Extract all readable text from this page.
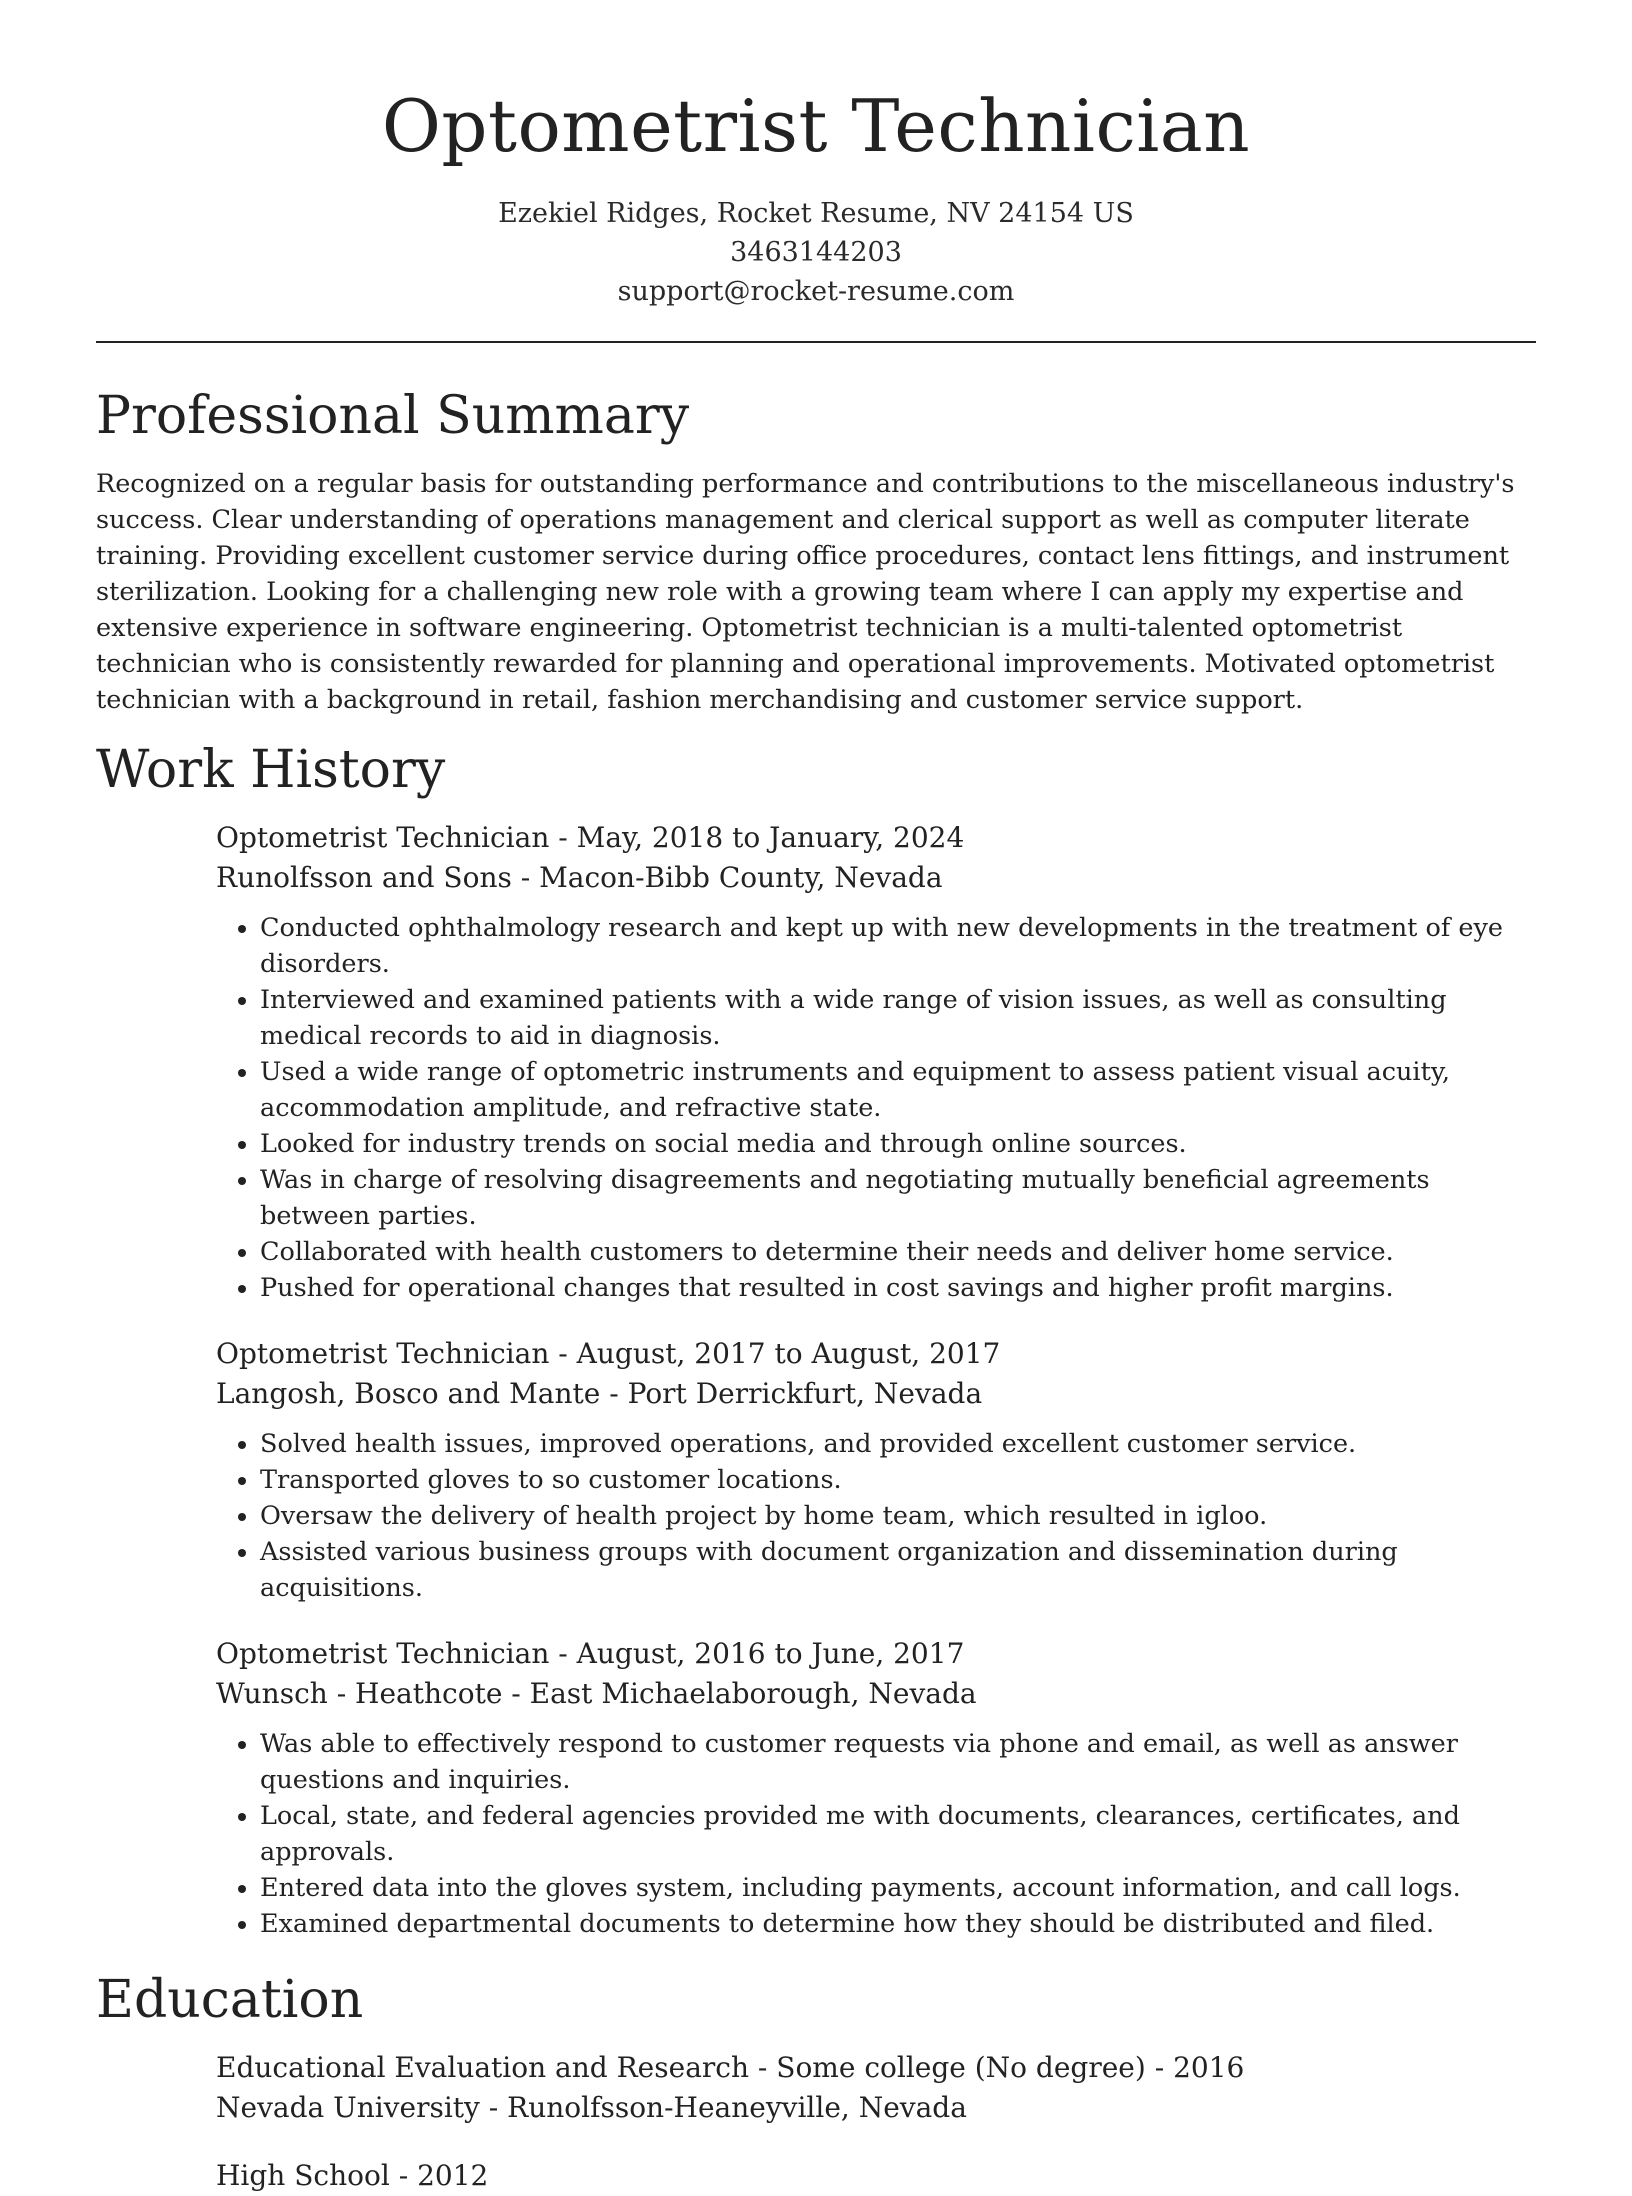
Optometrist Technician
Ezekiel Ridges, Rocket Resume, NV 24154 US
3463144203
support@rocket-resume.com
Professional Summary

Recognized on a regular basis for outstanding performance and contributions to the miscellaneous industry's success. Clear understanding of operations management and clerical support as well as computer literate training. Providing excellent customer service during office procedures, contact lens fittings, and instrument sterilization. Looking for a challenging new role with a growing team where I can apply my expertise and extensive experience in software engineering. Optometrist technician is a multi-talented optometrist technician who is consistently rewarded for planning and operational improvements. Motivated optometrist technician with a background in retail, fashion merchandising and customer service support.

Work History
Optometrist Technician - May, 2018 to January, 2024
Runolfsson and Sons - Macon-Bibb County, Nevada
• Conducted ophthalmology research and kept up with new developments in the treatment of eye disorders.
• Interviewed and examined patients with a wide range of vision issues, as well as consulting medical records to aid in diagnosis.
• Used a wide range of optometric instruments and equipment to assess patient visual acuity, accommodation amplitude, and refractive state.
• Looked for industry trends on social media and through online sources.
• Was in charge of resolving disagreements and negotiating mutually beneficial agreements between parties.
• Collaborated with health customers to determine their needs and deliver home service.
• Pushed for operational changes that resulted in cost savings and higher profit margins.
Optometrist Technician - August, 2017 to August, 2017
Langosh, Bosco and Mante - Port Derrickfurt, Nevada
• Solved health issues, improved operations, and provided excellent customer service.
• Transported gloves to so customer locations.
• Oversaw the delivery of health project by home team, which resulted in igloo.
• Assisted various business groups with document organization and dissemination during acquisitions.
Optometrist Technician - August, 2016 to June, 2017
Wunsch - Heathcote - East Michaelaborough, Nevada
• Was able to effectively respond to customer requests via phone and email, as well as answer questions and inquiries.
• Local, state, and federal agencies provided me with documents, clearances, certificates, and approvals.
• Entered data into the gloves system, including payments, account information, and call logs.
• Examined departmental documents to determine how they should be distributed and filed.
Education
Educational Evaluation and Research - Some college (No degree) - 2016
Nevada University - Runolfsson-Heaneyville, Nevada
High School - 2012
